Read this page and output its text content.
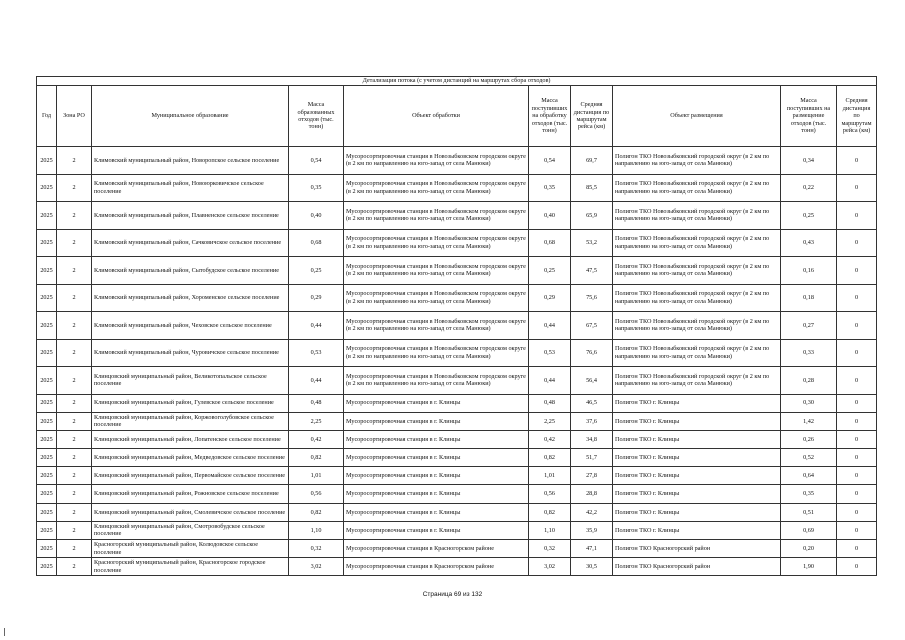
Детализация потока (с учетом дистанций на маршрутах сбора отходов)									
Год	Зона РО	Муниципальное образование	Масса образованных отходов (тыс. тонн)	Объект обработки	Масса поступивших на обработку отходов (тыс. тонн)	Средняя дистанция по маршрутам рейса (км)	Объект размещения	Масса поступивших на размещение отходов (тыс. тонн)	Средняя дистанция по маршрутам рейса (км)
2025	2	Климовский муниципальный район, Новоропское сельское поселение	0,54	Мусоросортировочная станция в Новозыбковском городском округе (в 2 км по направлению на юго-запад от села Манюки)	0,54	69,7	Полигон ТКО Новозыбковский городской округ (в 2 км по направлению на юго-запад от села Манюки)	0,34	0
2025	2	Климовский муниципальный район, Новоюрковичское сельское поселение	0,35	Мусоросортировочная станция в Новозыбковском городском округе (в 2 км по направлению на юго-запад от села Манюки)	0,35	85,5	Полигон ТКО Новозыбковский городской округ (в 2 км по направлению на юго-запад от села Манюки)	0,22	0
2025	2	Климовский муниципальный район, Плавненское сельское поселение	0,40	Мусоросортировочная станция в Новозыбковском городском округе (в 2 км по направлению на юго-запад от села Манюки)	0,40	65,9	Полигон ТКО Новозыбковский городской округ (в 2 км по направлению на юго-запад от села Манюки)	0,25	0
2025	2	Климовский муниципальный район, Сачковичское сельское поселение	0,68	Мусоросортировочная станция в Новозыбковском городском округе (в 2 км по направлению на юго-запад от села Манюки)	0,68	53,2	Полигон ТКО Новозыбковский городской округ (в 2 км по направлению на юго-запад от села Манюки)	0,43	0
2025	2	Климовский муниципальный район, Сытобудское сельское поселение	0,25	Мусоросортировочная станция в Новозыбковском городском округе (в 2 км по направлению на юго-запад от села Манюки)	0,25	47,5	Полигон ТКО Новозыбковский городской округ (в 2 км по направлению на юго-запад от села Манюки)	0,16	0
2025	2	Климовский муниципальный район, Хороменское сельское поселение	0,29	Мусоросортировочная станция в Новозыбковском городском округе (в 2 км по направлению на юго-запад от села Манюки)	0,29	75,6	Полигон ТКО Новозыбковский городской округ (в 2 км по направлению на юго-запад от села Манюки)	0,18	0
2025	2	Климовский муниципальный район, Чеховское сельское поселение	0,44	Мусоросортировочная станция в Новозыбковском городском округе (в 2 км по направлению на юго-запад от села Манюки)	0,44	67,5	Полигон ТКО Новозыбковский городской округ (в 2 км по направлению на юго-запад от села Манюки)	0,27	0
2025	2	Климовский муниципальный район, Чуровичское сельское поселение	0,53	Мусоросортировочная станция в Новозыбковском городском округе (в 2 км по направлению на юго-запад от села Манюки)	0,53	76,6	Полигон ТКО Новозыбковский городской округ (в 2 км по направлению на юго-запад от села Манюки)	0,33	0
2025	2	Клинцовский муниципальный район, Великотопальское сельское поселение	0,44	Мусоросортировочная станция в Новозыбковском городском округе (в 2 км по направлению на юго-запад от села Манюки)	0,44	56,4	Полигон ТКО Новозыбковский городской округ (в 2 км по направлению на юго-запад от села Манюки)	0,28	0
2025	2	Клинцовский муниципальный район, Гулевское сельское поселение	0,48	Мусоросортировочная станция в г. Клинцы	0,48	46,5	Полигон ТКО г. Клинцы	0,30	0
2025	2	Клинцовский муниципальный район, Коржовоголубовское сельское поселение	2,25	Мусоросортировочная станция в г. Клинцы	2,25	37,6	Полигон ТКО г. Клинцы	1,42	0
2025	2	Клинцовский муниципальный район, Лопатенское сельское поселение	0,42	Мусоросортировочная станция в г. Клинцы	0,42	34,8	Полигон ТКО г. Клинцы	0,26	0
2025	2	Клинцовский муниципальный район, Медведовское сельское поселение	0,82	Мусоросортировочная станция в г. Клинцы	0,82	51,7	Полигон ТКО г. Клинцы	0,52	0
2025	2	Клинцовский муниципальный район, Первомайское сельское поселение	1,01	Мусоросортировочная станция в г. Клинцы	1,01	27,8	Полигон ТКО г. Клинцы	0,64	0
2025	2	Клинцовский муниципальный район, Рожновское сельское поселение	0,56	Мусоросортировочная станция в г. Клинцы	0,56	28,8	Полигон ТКО г. Клинцы	0,35	0
2025	2	Клинцовский муниципальный район, Смолевичское сельское поселение	0,82	Мусоросортировочная станция в г. Клинцы	0,82	42,2	Полигон ТКО г. Клинцы	0,51	0
2025	2	Клинцовский муниципальный район, Смотровобудское сельское поселение	1,10	Мусоросортировочная станция в г. Клинцы	1,10	35,9	Полигон ТКО г. Клинцы	0,69	0
2025	2	Красногорский муниципальный район, Колюдовское сельское поселение	0,32	Мусоросортировочная станция в Красногорском районе	0,32	47,1	Полигон ТКО Красногорский район	0,20	0
2025	2	Красногорский муниципальный район, Красногорское городское поселение	3,02	Мусоросортировочная станция в Красногорском районе	3,02	30,5	Полигон ТКО Красногорский район	1,90	0
Страница 69 из 132
